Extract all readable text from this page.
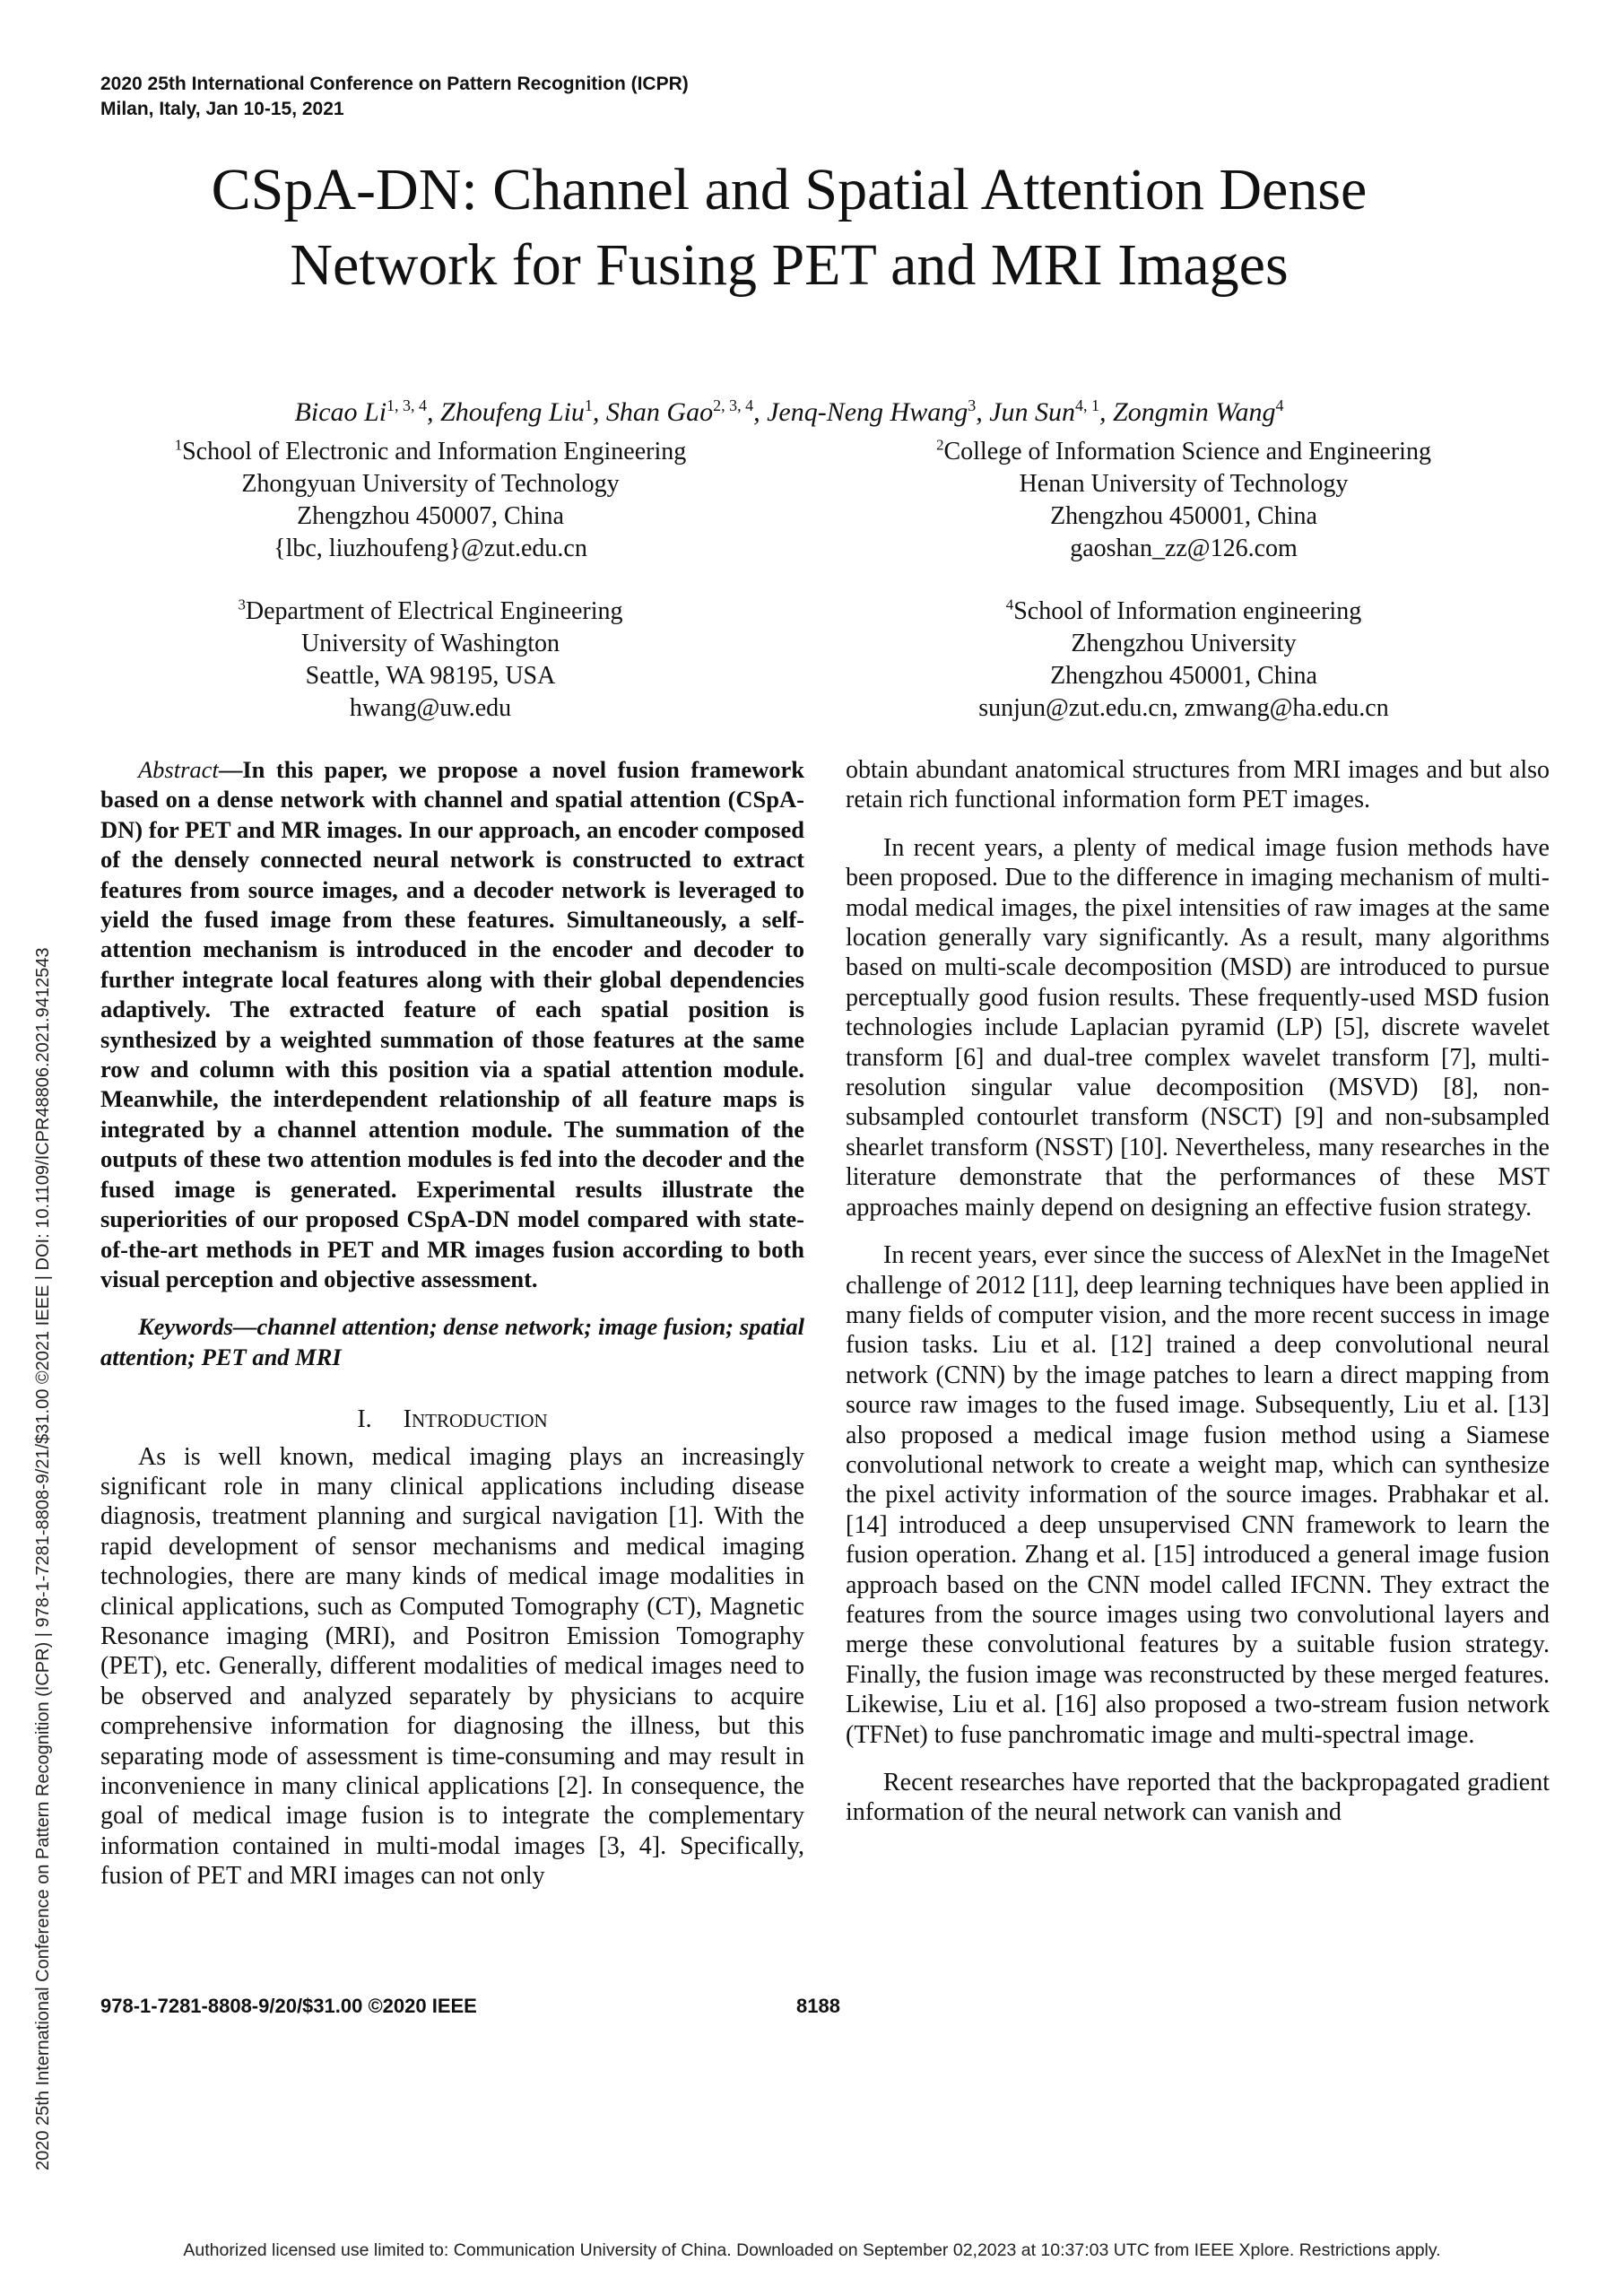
2020 25th International Conference on Pattern Recognition (ICPR)
Milan, Italy, Jan 10-15, 2021
CSpA-DN: Channel and Spatial Attention Dense
Network for Fusing PET and MRI Images
Bicao Li$^{1, 3, 4}$, Zhoufeng Liu$^1$, Shan Gao$^{2, 3, 4}$, Jenq-Neng Hwang$^3$, Jun Sun$^{4, 1}$, Zongmin Wang$^4$
$^1$School of Electronic and Information Engineering
Zhongyuan University of Technology
Zhengzhou 450007, China
{lbc, liuzhoufeng}@zut.edu.cn
$^2$College of Information Science and Engineering
Henan University of Technology
Zhengzhou 450001, China
gaoshan_zz@126.com
$^3$Department of Electrical Engineering
University of Washington
Seattle, WA 98195, USA
hwang@uw.edu
$^4$School of Information engineering
Zhengzhou University
Zhengzhou 450001, China
sunjun@zut.edu.cn, zmwang@ha.edu.cn

Abstract—In this paper, we propose a novel fusion framework based on a dense network with channel and spatial attention (CSpA-DN) for PET and MR images. In our approach, an encoder composed of the densely connected neural network is constructed to extract features from source images, and a decoder network is leveraged to yield the fused image from these features. Simultaneously, a self-attention mechanism is introduced in the encoder and decoder to further integrate local features along with their global dependencies adaptively. The extracted feature of each spatial position is synthesized by a weighted summation of those features at the same row and column with this position via a spatial attention module. Meanwhile, the interdependent relationship of all feature maps is integrated by a channel attention module. The summation of the outputs of these two attention modules is fed into the decoder and the fused image is generated. Experimental results illustrate the superiorities of our proposed CSpA-DN model compared with state-of-the-art methods in PET and MR images fusion according to both visual perception and objective assessment.

Keywords—channel attention; dense network; image fusion; spatial attention; PET and MRI

I. INTRODUCTION

As is well known, medical imaging plays an increasingly significant role in many clinical applications including disease diagnosis, treatment planning and surgical navigation [1]. With the rapid development of sensor mechanisms and medical imaging technologies, there are many kinds of medical image modalities in clinical applications, such as Computed Tomography (CT), Magnetic Resonance imaging (MRI), and Positron Emission Tomography (PET), etc. Generally, different modalities of medical images need to be observed and analyzed separately by physicians to acquire comprehensive information for diagnosing the illness, but this separating mode of assessment is time-consuming and may result in inconvenience in many clinical applications [2]. In consequence, the goal of medical image fusion is to integrate the complementary information contained in multi-modal images [3, 4]. Specifically, fusion of PET and MRI images can not only

obtain abundant anatomical structures from MRI images and but also retain rich functional information form PET images.

In recent years, a plenty of medical image fusion methods have been proposed. Due to the difference in imaging mechanism of multi-modal medical images, the pixel intensities of raw images at the same location generally vary significantly. As a result, many algorithms based on multi-scale decomposition (MSD) are introduced to pursue perceptually good fusion results. These frequently-used MSD fusion technologies include Laplacian pyramid (LP) [5], discrete wavelet transform [6] and dual-tree complex wavelet transform [7], multi-resolution singular value decomposition (MSVD) [8], non-subsampled contourlet transform (NSCT) [9] and non-subsampled shearlet transform (NSST) [10]. Nevertheless, many researches in the literature demonstrate that the performances of these MST approaches mainly depend on designing an effective fusion strategy.

In recent years, ever since the success of AlexNet in the ImageNet challenge of 2012 [11], deep learning techniques have been applied in many fields of computer vision, and the more recent success in image fusion tasks. Liu et al. [12] trained a deep convolutional neural network (CNN) by the image patches to learn a direct mapping from source raw images to the fused image. Subsequently, Liu et al. [13] also proposed a medical image fusion method using a Siamese convolutional network to create a weight map, which can synthesize the pixel activity information of the source images. Prabhakar et al. [14] introduced a deep unsupervised CNN framework to learn the fusion operation. Zhang et al. [15] introduced a general image fusion approach based on the CNN model called IFCNN. They extract the features from the source images using two convolutional layers and merge these convolutional features by a suitable fusion strategy. Finally, the fusion image was reconstructed by these merged features. Likewise, Liu et al. [16] also proposed a two-stream fusion network (TFNet) to fuse panchromatic image and multi-spectral image.

Recent researches have reported that the backpropagated gradient information of the neural network can vanish and

2020 25th International Conference on Pattern Recognition (ICPR) | 978-1-7281-8808-9/21/$31.00 ©2021 IEEE | DOI: 10.1109/ICPR48806.2021.9412543 978-1-7281-8808-9/20/$31.00 ©2020 IEEE	8188
Authorized licensed use limited to: Communication University of China. Downloaded on September 02,2023 at 10:37:03 UTC from IEEE Xplore. Restrictions apply.
